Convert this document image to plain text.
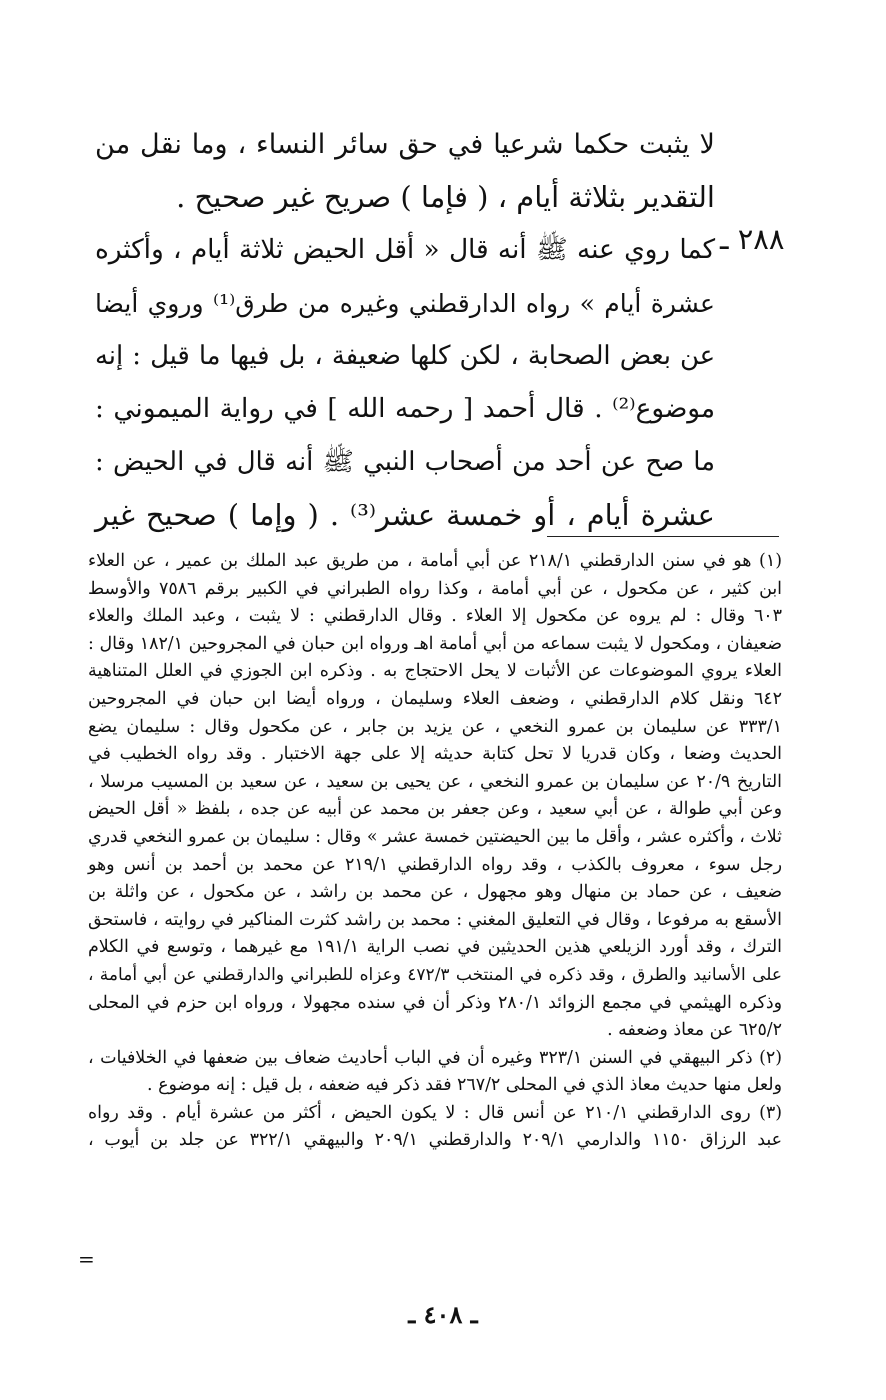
لا يثبت حكما شرعيا في حق سائر النساء ، وما نقل من
التقدير بثلاثة أيام ، ( فإما ) صريح غير صحيح .
كما روي عنه ﷺ أنه قال « أقل الحيض ثلاثة أيام ، وأكثره
عشرة أيام » رواه الدارقطني وغيره من طرق⁽¹⁾ وروي أيضا
عن بعض الصحابة ، لكن كلها ضعيفة ، بل فيها ما قيل : إنه
موضوع⁽²⁾ . قال أحمد [ رحمه الله ] في رواية الميموني :
ما صح عن أحد من أصحاب النبي ﷺ أنه قال في الحيض :
عشرة أيام ، أو خمسة عشر⁽³⁾ . ( وإما ) صحيح غير
٢٨٨ ـ
(١) هو في سنن الدارقطني ٢١٨/١ عن أبي أمامة ، من طريق عبد الملك بن عمير ، عن العلاء
ابن كثير ، عن مكحول ، عن أبي أمامة ، وكذا رواه الطبراني في الكبير برقم ٧٥٨٦ والأوسط
٦٠٣ وقال : لم يروه عن مكحول إلا العلاء . وقال الدارقطني : لا يثبت ، وعبد الملك والعلاء
ضعيفان ، ومكحول لا يثبت سماعه من أبي أمامة اهـ ورواه ابن حبان في المجروحين ١٨٢/١ وقال :
العلاء يروي الموضوعات عن الأثبات لا يحل الاحتجاج به . وذكره ابن الجوزي في العلل المتناهية
٦٤٢ ونقل كلام الدارقطني ، وضعف العلاء وسليمان ، ورواه أيضا ابن حبان في المجروحين
٣٣٣/١ عن سليمان بن عمرو النخعي ، عن يزيد بن جابر ، عن مكحول وقال : سليمان يضع
الحديث وضعا ، وكان قدريا لا تحل كتابة حديثه إلا على جهة الاختبار . وقد رواه الخطيب في
التاريخ ٢٠/٩ عن سليمان بن عمرو النخعي ، عن يحيى بن سعيد ، عن سعيد بن المسيب مرسلا ،
وعن أبي طوالة ، عن أبي سعيد ، وعن جعفر بن محمد عن أبيه عن جده ، بلفظ « أقل الحيض
ثلاث ، وأكثره عشر ، وأقل ما بين الحيضتين خمسة عشر » وقال : سليمان بن عمرو النخعي قدري
رجل سوء ، معروف بالكذب ، وقد رواه الدارقطني ٢١٩/١ عن محمد بن أحمد بن أنس وهو
ضعيف ، عن حماد بن منهال وهو مجهول ، عن محمد بن راشد ، عن مكحول ، عن واثلة بن
الأسقع به مرفوعا ، وقال في التعليق المغني : محمد بن راشد كثرت المناكير في روايته ، فاستحق
الترك ، وقد أورد الزيلعي هذين الحديثين في نصب الراية ١٩١/١ مع غيرهما ، وتوسع في الكلام
على الأسانيد والطرق ، وقد ذكره في المنتخب ٤٧٢/٣ وعزاه للطبراني والدارقطني عن أبي أمامة ،
وذكره الهيثمي في مجمع الزوائد ٢٨٠/١ وذكر أن في سنده مجهولا ، ورواه ابن حزم في المحلى
٦٢٥/٢ عن معاذ وضعفه .
(٢) ذكر البيهقي في السنن ٣٢٣/١ وغيره أن في الباب أحاديث ضعاف بين ضعفها في الخلافيات ،
ولعل منها حديث معاذ الذي في المحلى ٢٦٧/٢ فقد ذكر فيه ضعفه ، بل قيل : إنه موضوع .
(٣) روى الدارقطني ٢١٠/١ عن أنس قال : لا يكون الحيض ، أكثر من عشرة أيام . وقد رواه
عبد الرزاق ١١٥٠ والدارمي ٢٠٩/١ والدارقطني ٢٠٩/١ والبيهقي ٣٢٢/١ عن جلد بن أيوب ،
=
ـ ٤٠٨ ـ
